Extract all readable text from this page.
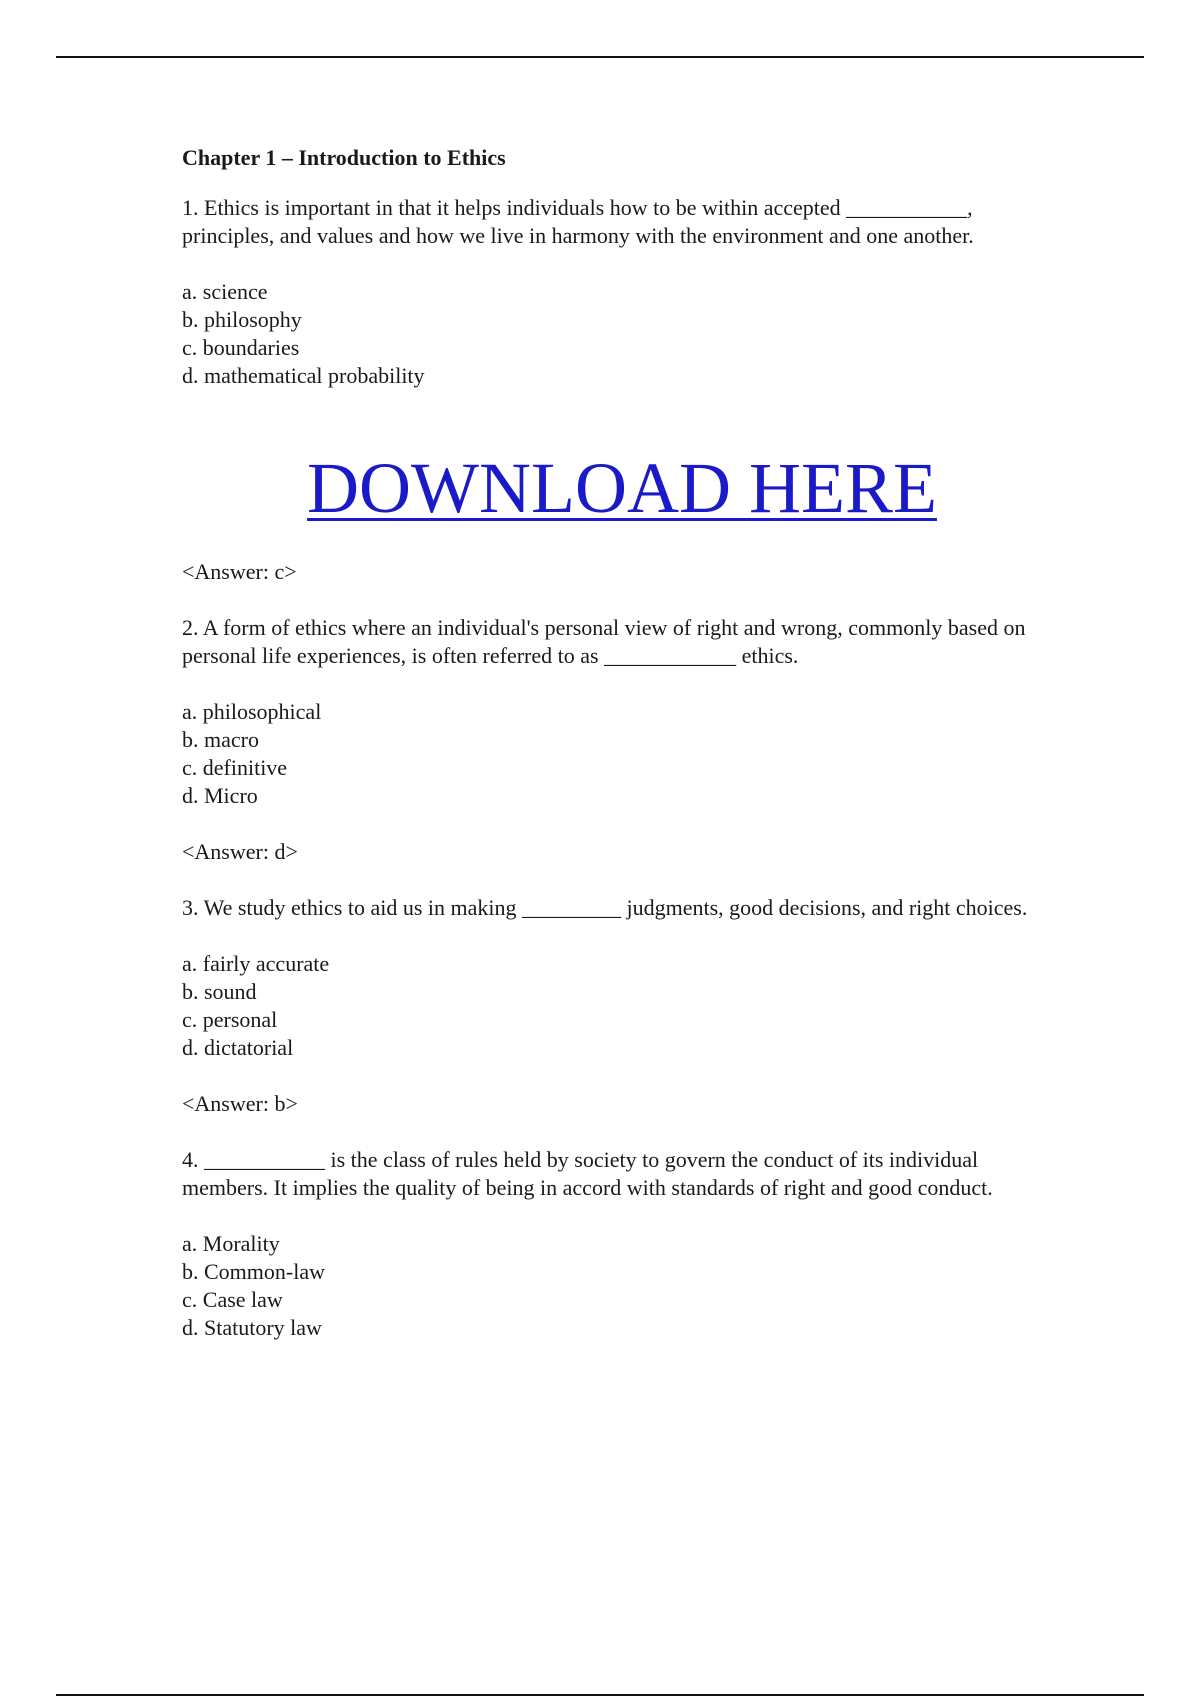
Chapter 1 – Introduction to Ethics

1. Ethics is important in that it helps individuals how to be within accepted ___________, principles, and values and how we live in harmony with the environment and one another.

a. science
b. philosophy
c. boundaries
d. mathematical probability
DOWNLOAD HERE

<Answer: c>

2. A form of ethics where an individual's personal view of right and wrong, commonly based on personal life experiences, is often referred to as ____________ ethics.

a. philosophical
b. macro
c. definitive
d. Micro

<Answer: d>

3. We study ethics to aid us in making _________ judgments, good decisions, and right choices.

a. fairly accurate
b. sound
c. personal
d. dictatorial

<Answer: b>

4. ___________ is the class of rules held by society to govern the conduct of its individual members. It implies the quality of being in accord with standards of right and good conduct.

a. Morality
b. Common-law
c. Case law
d. Statutory law
